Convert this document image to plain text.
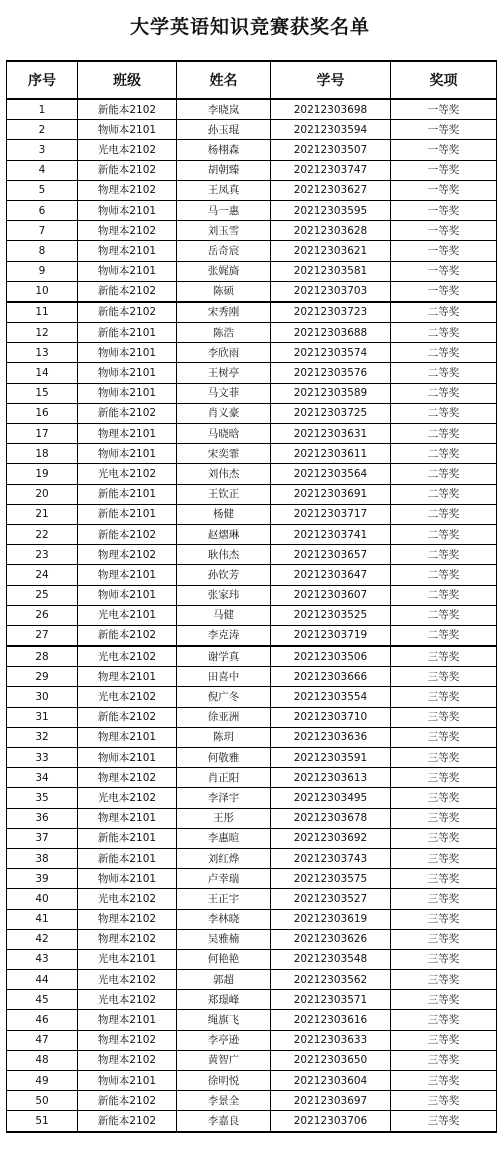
大学英语知识竞赛获奖名单
序号	班级	姓名	学号	奖项
1	新能本2102	李晓岚	20212303698	一等奖
2	物师本2101	孙玉琨	20212303594	一等奖
3	光电本2102	杨栩森	20212303507	一等奖
4	新能本2102	胡朝臻	20212303747	一等奖
5	物理本2102	王凤真	20212303627	一等奖
6	物师本2101	马一惠	20212303595	一等奖
7	物理本2102	刘玉雪	20212303628	一等奖
8	物理本2101	岳奇宸	20212303621	一等奖
9	物师本2101	张娓旖	20212303581	一等奖
10	新能本2102	陈硕	20212303703	一等奖
11	新能本2102	宋秀刚	20212303723	二等奖
12	新能本2101	陈浩	20212303688	二等奖
13	物师本2101	李欣雨	20212303574	二等奖
14	物师本2101	王树亭	20212303576	二等奖
15	物师本2101	马文菲	20212303589	二等奖
16	新能本2102	肖义豪	20212303725	二等奖
17	物理本2101	马晓晗	20212303631	二等奖
18	物师本2101	宋奕霏	20212303611	二等奖
19	光电本2102	刘伟杰	20212303564	二等奖
20	新能本2101	王钦正	20212303691	二等奖
21	新能本2101	杨健	20212303717	二等奖
22	新能本2102	赵熠琳	20212303741	二等奖
23	物理本2102	耿伟杰	20212303657	二等奖
24	物理本2101	孙钦芳	20212303647	二等奖
25	物师本2101	张家玮	20212303607	二等奖
26	光电本2101	马健	20212303525	二等奖
27	新能本2102	李克涛	20212303719	二等奖
28	光电本2102	谢学真	20212303506	三等奖
29	物理本2101	田喜中	20212303666	三等奖
30	光电本2102	倪广冬	20212303554	三等奖
31	新能本2102	徐亚洲	20212303710	三等奖
32	物理本2101	陈玥	20212303636	三等奖
33	物师本2101	何敬雅	20212303591	三等奖
34	物理本2102	肖正阳	20212303613	三等奖
35	光电本2102	李泽宇	20212303495	三等奖
36	物理本2101	王彤	20212303678	三等奖
37	新能本2101	李惠暄	20212303692	三等奖
38	新能本2101	刘红烨	20212303743	三等奖
39	物师本2101	卢幸瑞	20212303575	三等奖
40	光电本2102	王正宇	20212303527	三等奖
41	物理本2102	李林晓	20212303619	三等奖
42	物理本2102	吴雅楠	20212303626	三等奖
43	光电本2101	何艳艳	20212303548	三等奖
44	光电本2102	郭超	20212303562	三等奖
45	光电本2102	郑璟峰	20212303571	三等奖
46	物理本2101	绳旗飞	20212303616	三等奖
47	物理本2102	李亭逊	20212303633	三等奖
48	物理本2102	黄智广	20212303650	三等奖
49	物师本2101	徐明悦	20212303604	三等奖
50	新能本2102	李景全	20212303697	三等奖
51	新能本2102	李嘉良	20212303706	三等奖
